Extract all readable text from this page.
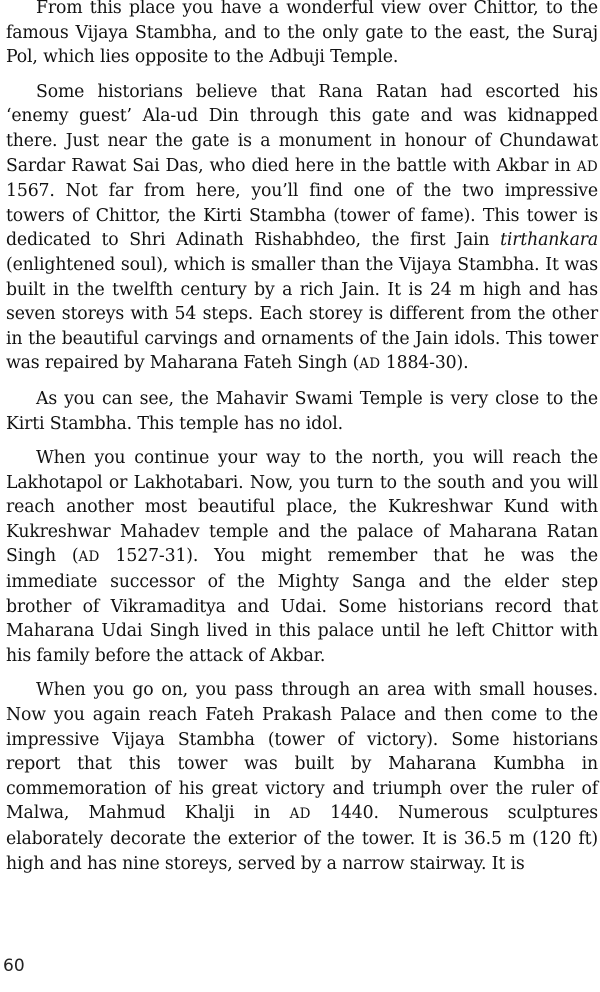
From this place you have a wonderful view over Chittor, to the famous Vijaya Stambha, and to the only gate to the east, the Suraj Pol, which lies opposite to the Adbuji Temple.

Some historians believe that Rana Ratan had escorted his ‘enemy guest’ Ala-ud Din through this gate and was kidnapped there. Just near the gate is a monument in honour of Chundawat Sardar Rawat Sai Das, who died here in the battle with Akbar in AD 1567. Not far from here, you’ll find one of the two impressive towers of Chittor, the Kirti Stambha (tower of fame). This tower is dedicated to Shri Adinath Rishabhdeo, the first Jain tirthankara (enlightened soul), which is smaller than the Vijaya Stambha. It was built in the twelfth century by a rich Jain. It is 24 m high and has seven storeys with 54 steps. Each storey is different from the other in the beautiful carvings and ornaments of the Jain idols. This tower was repaired by Maharana Fateh Singh (AD 1884-30).

As you can see, the Mahavir Swami Temple is very close to the Kirti Stambha. This temple has no idol.

When you continue your way to the north, you will reach the Lakhotapol or Lakhotabari. Now, you turn to the south and you will reach another most beautiful place, the Kukreshwar Kund with Kukreshwar Mahadev temple and the palace of Maharana Ratan Singh (AD 1527-31). You might remember that he was the immediate successor of the Mighty Sanga and the elder step brother of Vikramaditya and Udai. Some historians record that Maharana Udai Singh lived in this palace until he left Chittor with his family before the attack of Akbar.

When you go on, you pass through an area with small houses. Now you again reach Fateh Prakash Palace and then come to the impressive Vijaya Stambha (tower of victory). Some historians report that this tower was built by Maharana Kumbha in commemoration of his great victory and triumph over the ruler of Malwa, Mahmud Khalji in AD 1440. Numerous sculptures elaborately decorate the exterior of the tower. It is 36.5 m (120 ft) high and has nine storeys, served by a narrow stairway. It is

60
